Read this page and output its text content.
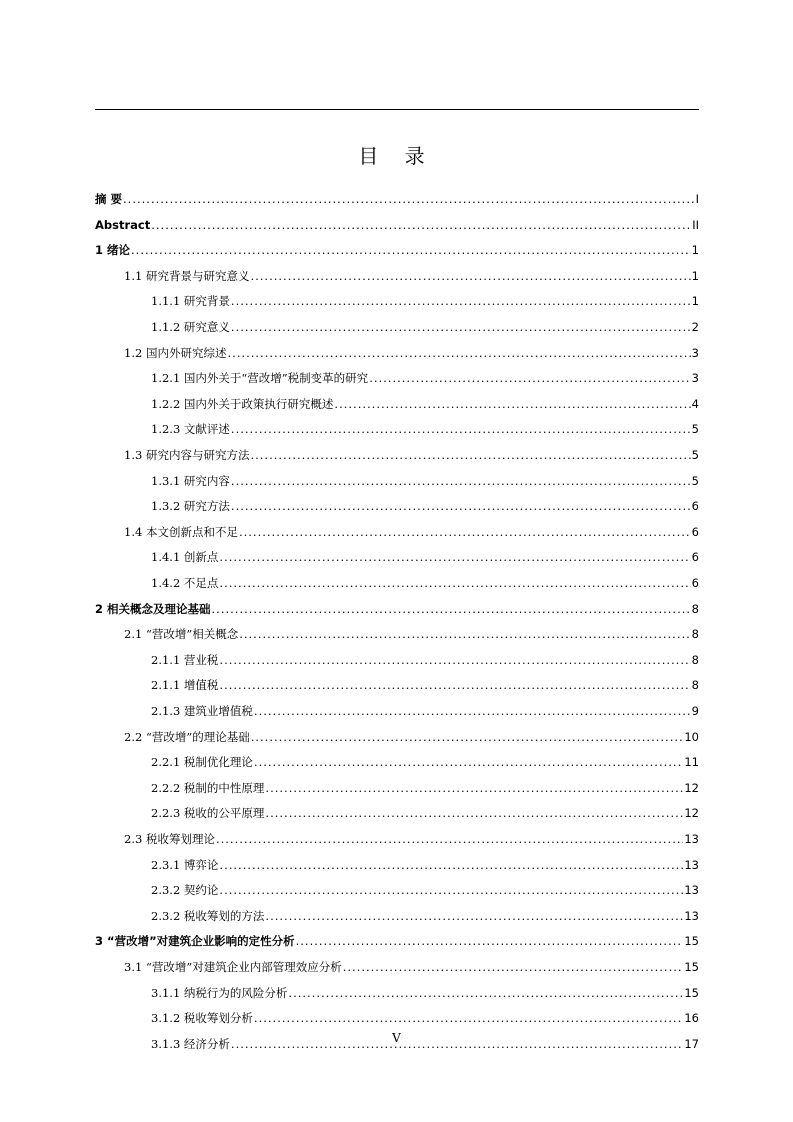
目 录
摘 要 .....	I
Abstract .....	II
1 绪论 .....	1
1.1 研究背景与研究意义 .....	1
1.1.1 研究背景 .....	1
1.1.2 研究意义 .....	2
1.2 国内外研究综述 .....	3
1.2.1 国内外关于“营改增”税制变革的研究 .....	3
1.2.2 国内外关于政策执行研究概述 .....	4
1.2.3 文献评述 .....	5
1.3 研究内容与研究方法 .....	5
1.3.1 研究内容 .....	5
1.3.2 研究方法 .....	6
1.4 本文创新点和不足 .....	6
1.4.1 创新点 .....	6
1.4.2 不足点 .....	6
2 相关概念及理论基础 .....	8
2.1 “营改增”相关概念 .....	8
2.1.1 营业税 .....	8
2.1.1 增值税 .....	8
2.1.3 建筑业增值税 .....	9
2.2 “营改增”的理论基础 .....	10
2.2.1 税制优化理论 .....	11
2.2.2 税制的中性原理 .....	12
2.2.3 税收的公平原理 .....	12
2.3 税收筹划理论 .....	13
2.3.1 博弈论 .....	13
2.3.2 契约论 .....	13
2.3.2 税收筹划的方法 .....	13
3 “营改增”对建筑企业影响的定性分析 .....	15
3.1 “营改增”对建筑企业内部管理效应分析 .....	15
3.1.1 纳税行为的风险分析 .....	15
3.1.2 税收筹划分析 .....	16
3.1.3 经济分析 .....	17
V
